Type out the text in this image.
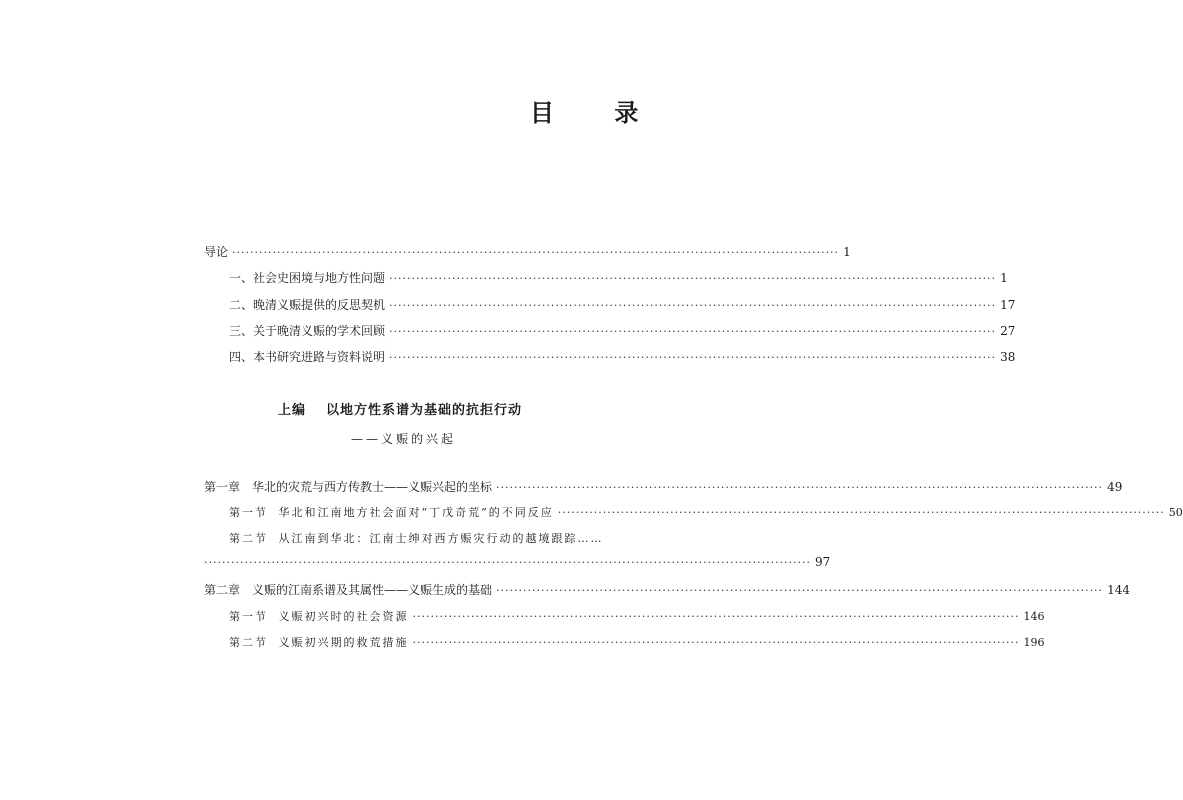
目 录
导论 ······································································································································· 1
一、社会史困境与地方性问题 ······································································································································· 1
二、晚清义赈提供的反思契机 ······································································································································· 17
三、关于晚清义赈的学术回顾 ······································································································································· 27
四、本书研究进路与资料说明 ······································································································································· 38
上编 以地方性系谱为基础的抗拒行动
——义赈的兴起
第一章　华北的灾荒与西方传教士——义赈兴起的坐标 ······································································································································· 49
第一节 华北和江南地方社会面对“丁戊奇荒”的不同反应 ······································································································································· 50
第二节 从江南到华北：江南士绅对西方赈灾行动的越境跟踪……
······································································································································· 97
第二章　义赈的江南系谱及其属性——义赈生成的基础 ······································································································································· 144
第一节 义赈初兴时的社会资源 ······································································································································· 146
第二节 义赈初兴期的救荒措施 ······································································································································· 196
